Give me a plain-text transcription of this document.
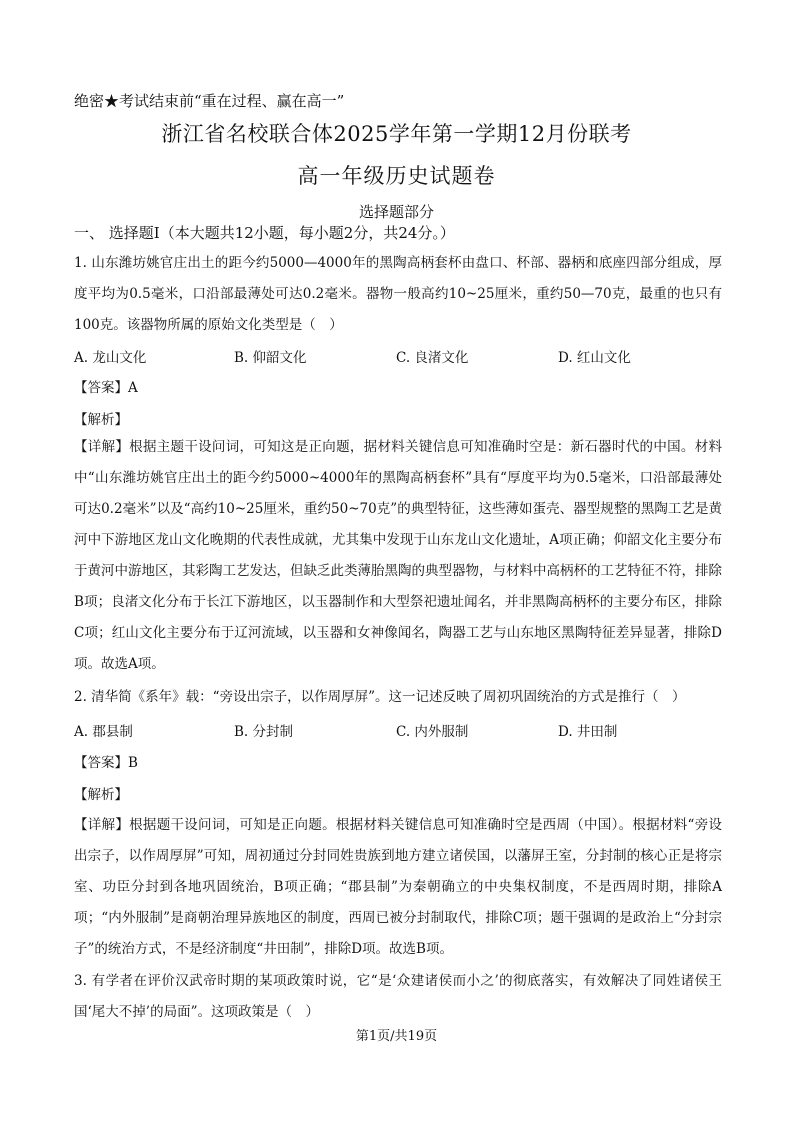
绝密★考试结束前“重在过程、赢在高一”
浙江省名校联合体2025学年第一学期12月份联考
高一年级历史试题卷
选择题部分
一、 选择题Ⅰ（本大题共12小题，每小题2分，共24分。）
1. 山东潍坊姚官庄出土的距今约5000—4000年的黑陶高柄套杯由盘口、杯部、器柄和底座四部分组成，厚度平均为0.5毫米，口沿部最薄处可达0.2毫米。器物一般高约10~25厘米，重约50—70克，最重的也只有100克。该器物所属的原始文化类型是（　）
A. 龙山文化	B. 仰韶文化	C. 良渚文化	D. 红山文化
【答案】A
【解析】
【详解】根据主题干设问词，可知这是正向题，据材料关键信息可知准确时空是：新石器时代的中国。材料中“山东潍坊姚官庄出土的距今约5000~4000年的黑陶高柄套杯”具有“厚度平均为0.5毫米，口沿部最薄处可达0.2毫米”以及“高约10~25厘米，重约50~70克”的典型特征，这些薄如蛋壳、器型规整的黑陶工艺是黄河中下游地区龙山文化晚期的代表性成就，尤其集中发现于山东龙山文化遗址，A项正确；仰韶文化主要分布于黄河中游地区，其彩陶工艺发达，但缺乏此类薄胎黑陶的典型器物，与材料中高柄杯的工艺特征不符，排除B项；良渚文化分布于长江下游地区，以玉器制作和大型祭祀遗址闻名，并非黑陶高柄杯的主要分布区，排除C项；红山文化主要分布于辽河流域，以玉器和女神像闻名，陶器工艺与山东地区黑陶特征差异显著，排除D项。故选A项。
2. 清华简《系年》载：“旁设出宗子，以作周厚屏”。这一记述反映了周初巩固统治的方式是推行（　）
A. 郡县制	B. 分封制	C. 内外服制	D. 井田制
【答案】B
【解析】
【详解】根据题干设问词，可知是正向题。根据材料关键信息可知准确时空是西周（中国）。根据材料“旁设出宗子，以作周厚屏”可知，周初通过分封同姓贵族到地方建立诸侯国，以藩屏王室，分封制的核心正是将宗室、功臣分封到各地巩固统治，B项正确；“郡县制”为秦朝确立的中央集权制度，不是西周时期，排除A项；“内外服制”是商朝治理异族地区的制度，西周已被分封制取代，排除C项；题干强调的是政治上“分封宗子”的统治方式，不是经济制度“井田制”，排除D项。故选B项。
3. 有学者在评价汉武帝时期的某项政策时说，它“是‘众建诸侯而小之’的彻底落实，有效解决了同姓诸侯王国‘尾大不掉’的局面”。这项政策是（　）
第1页/共19页
